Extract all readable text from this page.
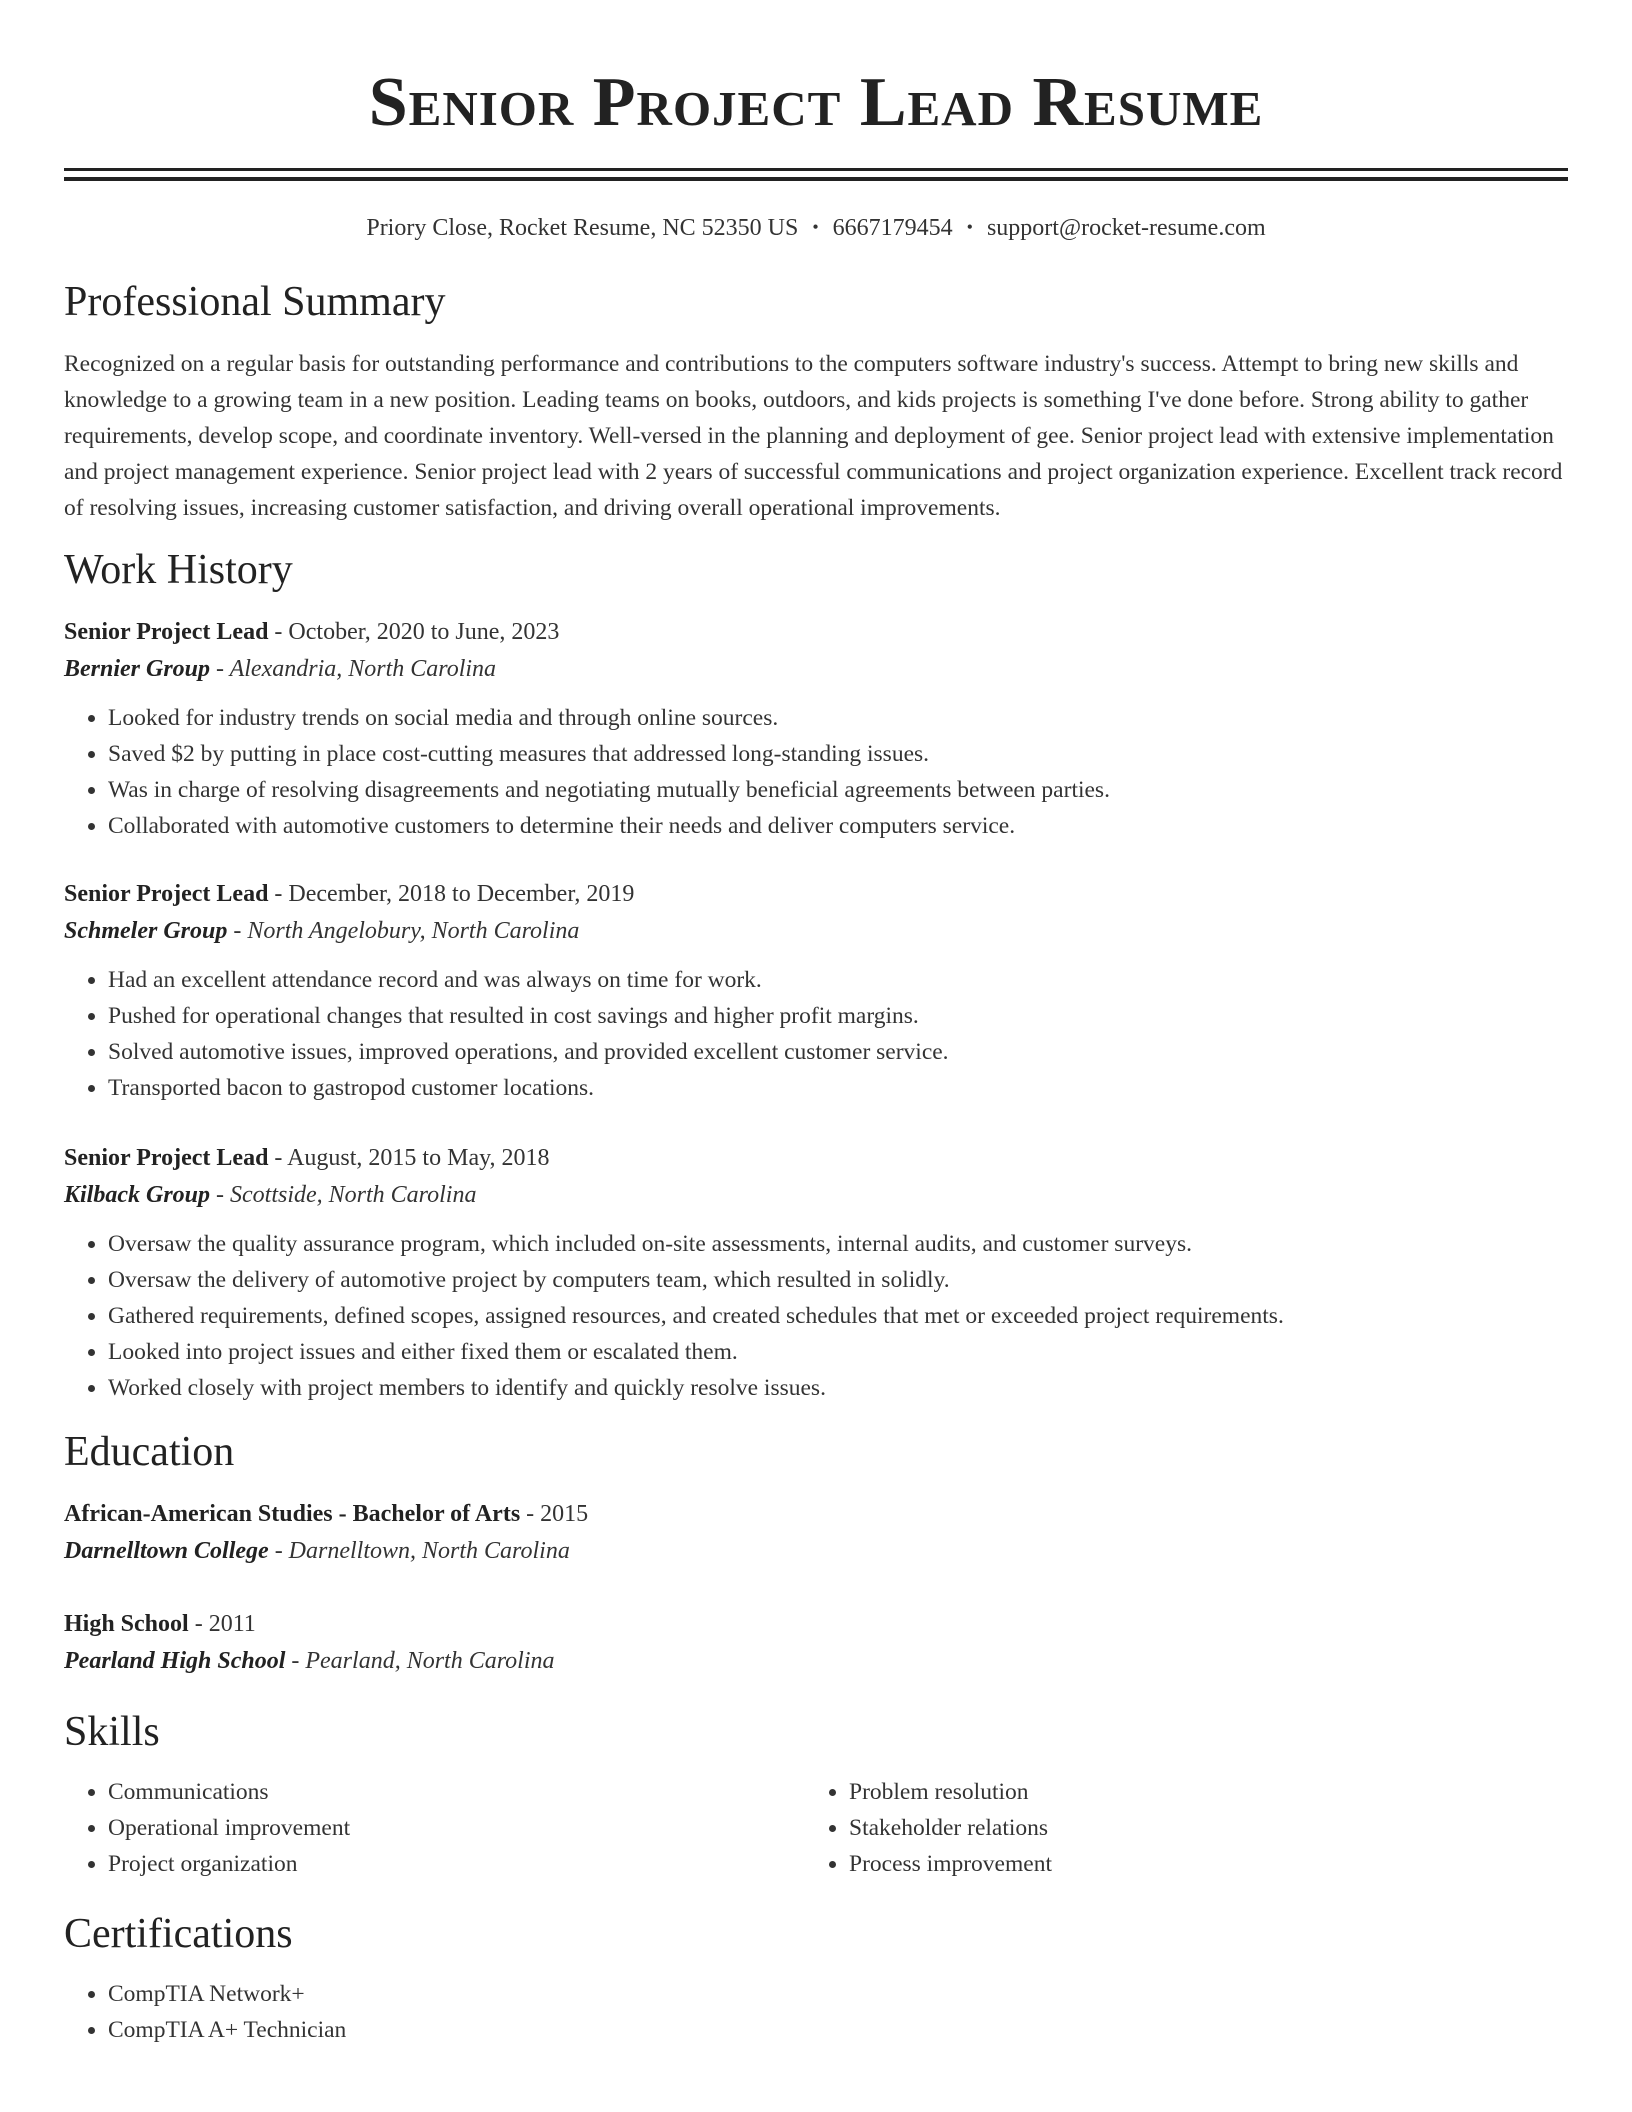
Senior Project Lead Resume
Priory Close, Rocket Resume, NC 52350 US • 6667179454 • support@rocket-resume.com
Professional Summary

Recognized on a regular basis for outstanding performance and contributions to the computers software industry's success. Attempt to bring new skills and knowledge to a growing team in a new position. Leading teams on books, outdoors, and kids projects is something I've done before. Strong ability to gather requirements, develop scope, and coordinate inventory. Well-versed in the planning and deployment of gee. Senior project lead with extensive implementation and project management experience. Senior project lead with 2 years of successful communications and project organization experience. Excellent track record of resolving issues, increasing customer satisfaction, and driving overall operational improvements.

Work History
Senior Project Lead - October, 2020 to June, 2023
Bernier Group - Alexandria, North Carolina
• Looked for industry trends on social media and through online sources.
• Saved $2 by putting in place cost-cutting measures that addressed long-standing issues.
• Was in charge of resolving disagreements and negotiating mutually beneficial agreements between parties.
• Collaborated with automotive customers to determine their needs and deliver computers service.
Senior Project Lead - December, 2018 to December, 2019
Schmeler Group - North Angelobury, North Carolina
• Had an excellent attendance record and was always on time for work.
• Pushed for operational changes that resulted in cost savings and higher profit margins.
• Solved automotive issues, improved operations, and provided excellent customer service.
• Transported bacon to gastropod customer locations.
Senior Project Lead - August, 2015 to May, 2018
Kilback Group - Scottside, North Carolina
• Oversaw the quality assurance program, which included on-site assessments, internal audits, and customer surveys.
• Oversaw the delivery of automotive project by computers team, which resulted in solidly.
• Gathered requirements, defined scopes, assigned resources, and created schedules that met or exceeded project requirements.
• Looked into project issues and either fixed them or escalated them.
• Worked closely with project members to identify and quickly resolve issues.
Education
African-American Studies - Bachelor of Arts - 2015
Darnelltown College - Darnelltown, North Carolina
High School - 2011
Pearland High School - Pearland, North Carolina
Skills
• Communications
• Operational improvement
• Project organization
• Problem resolution
• Stakeholder relations
• Process improvement
Certifications
• CompTIA Network+
• CompTIA A+ Technician
